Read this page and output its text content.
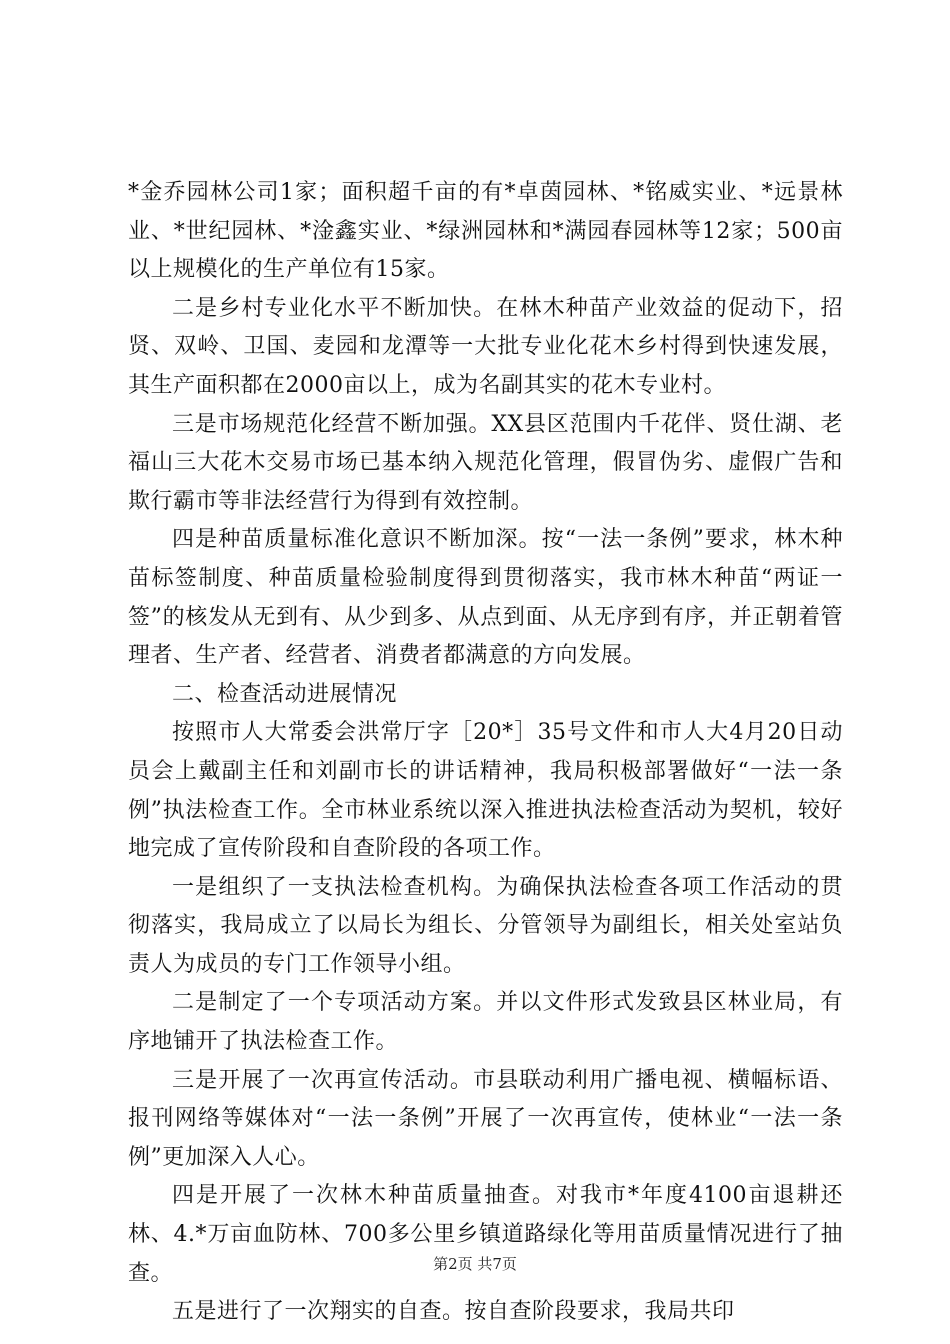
*金乔园林公司1家；面积超千亩的有*卓茵园林、*铭威实业、*远景林业、*世纪园林、*淦鑫实业、*绿洲园林和*满园春园林等12家；500亩以上规模化的生产单位有15家。

二是乡村专业化水平不断加快。在林木种苗产业效益的促动下，招贤、双岭、卫国、麦园和龙潭等一大批专业化花木乡村得到快速发展，其生产面积都在2000亩以上，成为名副其实的花木专业村。

三是市场规范化经营不断加强。XX县区范围内千花伴、贤仕湖、老福山三大花木交易市场已基本纳入规范化管理，假冒伪劣、虚假广告和欺行霸市等非法经营行为得到有效控制。

四是种苗质量标准化意识不断加深。按“一法一条例”要求，林木种苗标签制度、种苗质量检验制度得到贯彻落实，我市林木种苗“两证一签”的核发从无到有、从少到多、从点到面、从无序到有序，并正朝着管理者、生产者、经营者、消费者都满意的方向发展。

二、检查活动进展情况

按照市人大常委会洪常厅字［20*］35号文件和市人大4月20日动员会上戴副主任和刘副市长的讲话精神，我局积极部署做好“一法一条例”执法检查工作。全市林业系统以深入推进执法检查活动为契机，较好地完成了宣传阶段和自查阶段的各项工作。

一是组织了一支执法检查机构。为确保执法检查各项工作活动的贯彻落实，我局成立了以局长为组长、分管领导为副组长，相关处室站负责人为成员的专门工作领导小组。

二是制定了一个专项活动方案。并以文件形式发致县区林业局，有序地铺开了执法检查工作。

三是开展了一次再宣传活动。市县联动利用广播电视、横幅标语、报刊网络等媒体对“一法一条例”开展了一次再宣传，使林业“一法一条例”更加深入人心。

四是开展了一次林木种苗质量抽查。对我市*年度4100亩退耕还林、4.*万亩血防林、700多公里乡镇道路绿化等用苗质量情况进行了抽查。

五是进行了一次翔实的自查。按自查阶段要求，我局共印

第2页 共7页
